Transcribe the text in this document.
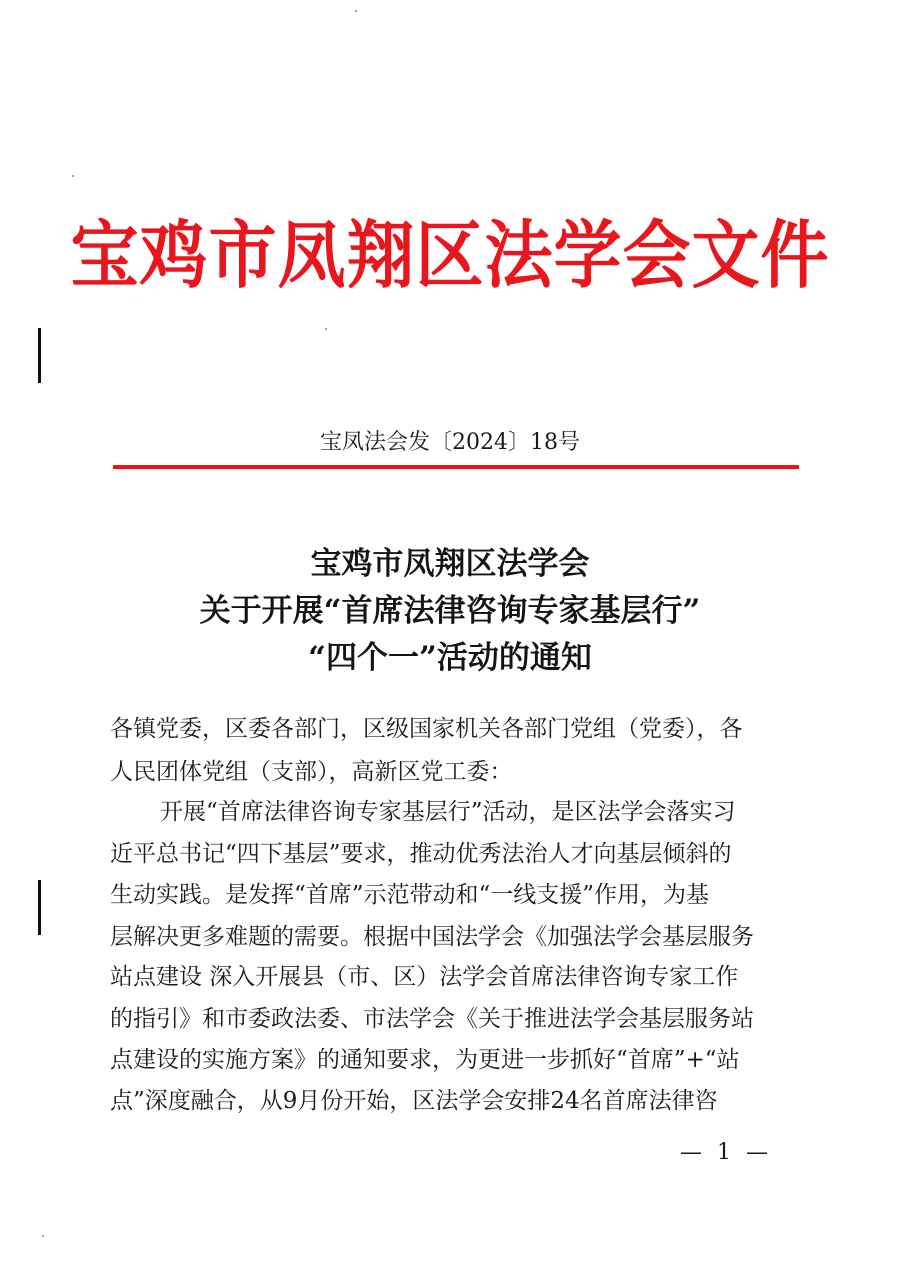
宝鸡市凤翔区法学会文件
宝凤法会发〔2024〕18号
宝鸡市凤翔区法学会
关于开展“首席法律咨询专家基层行”
“四个一”活动的通知
各镇党委，区委各部门，区级国家机关各部门党组（党委），各
人民团体党组（支部），高新区党工委：
开展“首席法律咨询专家基层行”活动，是区法学会落实习
近平总书记“四下基层”要求，推动优秀法治人才向基层倾斜的
生动实践。是发挥“首席”示范带动和“一线支援”作用，为基
层解决更多难题的需要。根据中国法学会《加强法学会基层服务
站点建设 深入开展县（市、区）法学会首席法律咨询专家工作
的指引》和市委政法委、市法学会《关于推进法学会基层服务站
点建设的实施方案》的通知要求，为更进一步抓好“首席”+“站
点”深度融合，从9月份开始，区法学会安排24名首席法律咨
— 1 —
